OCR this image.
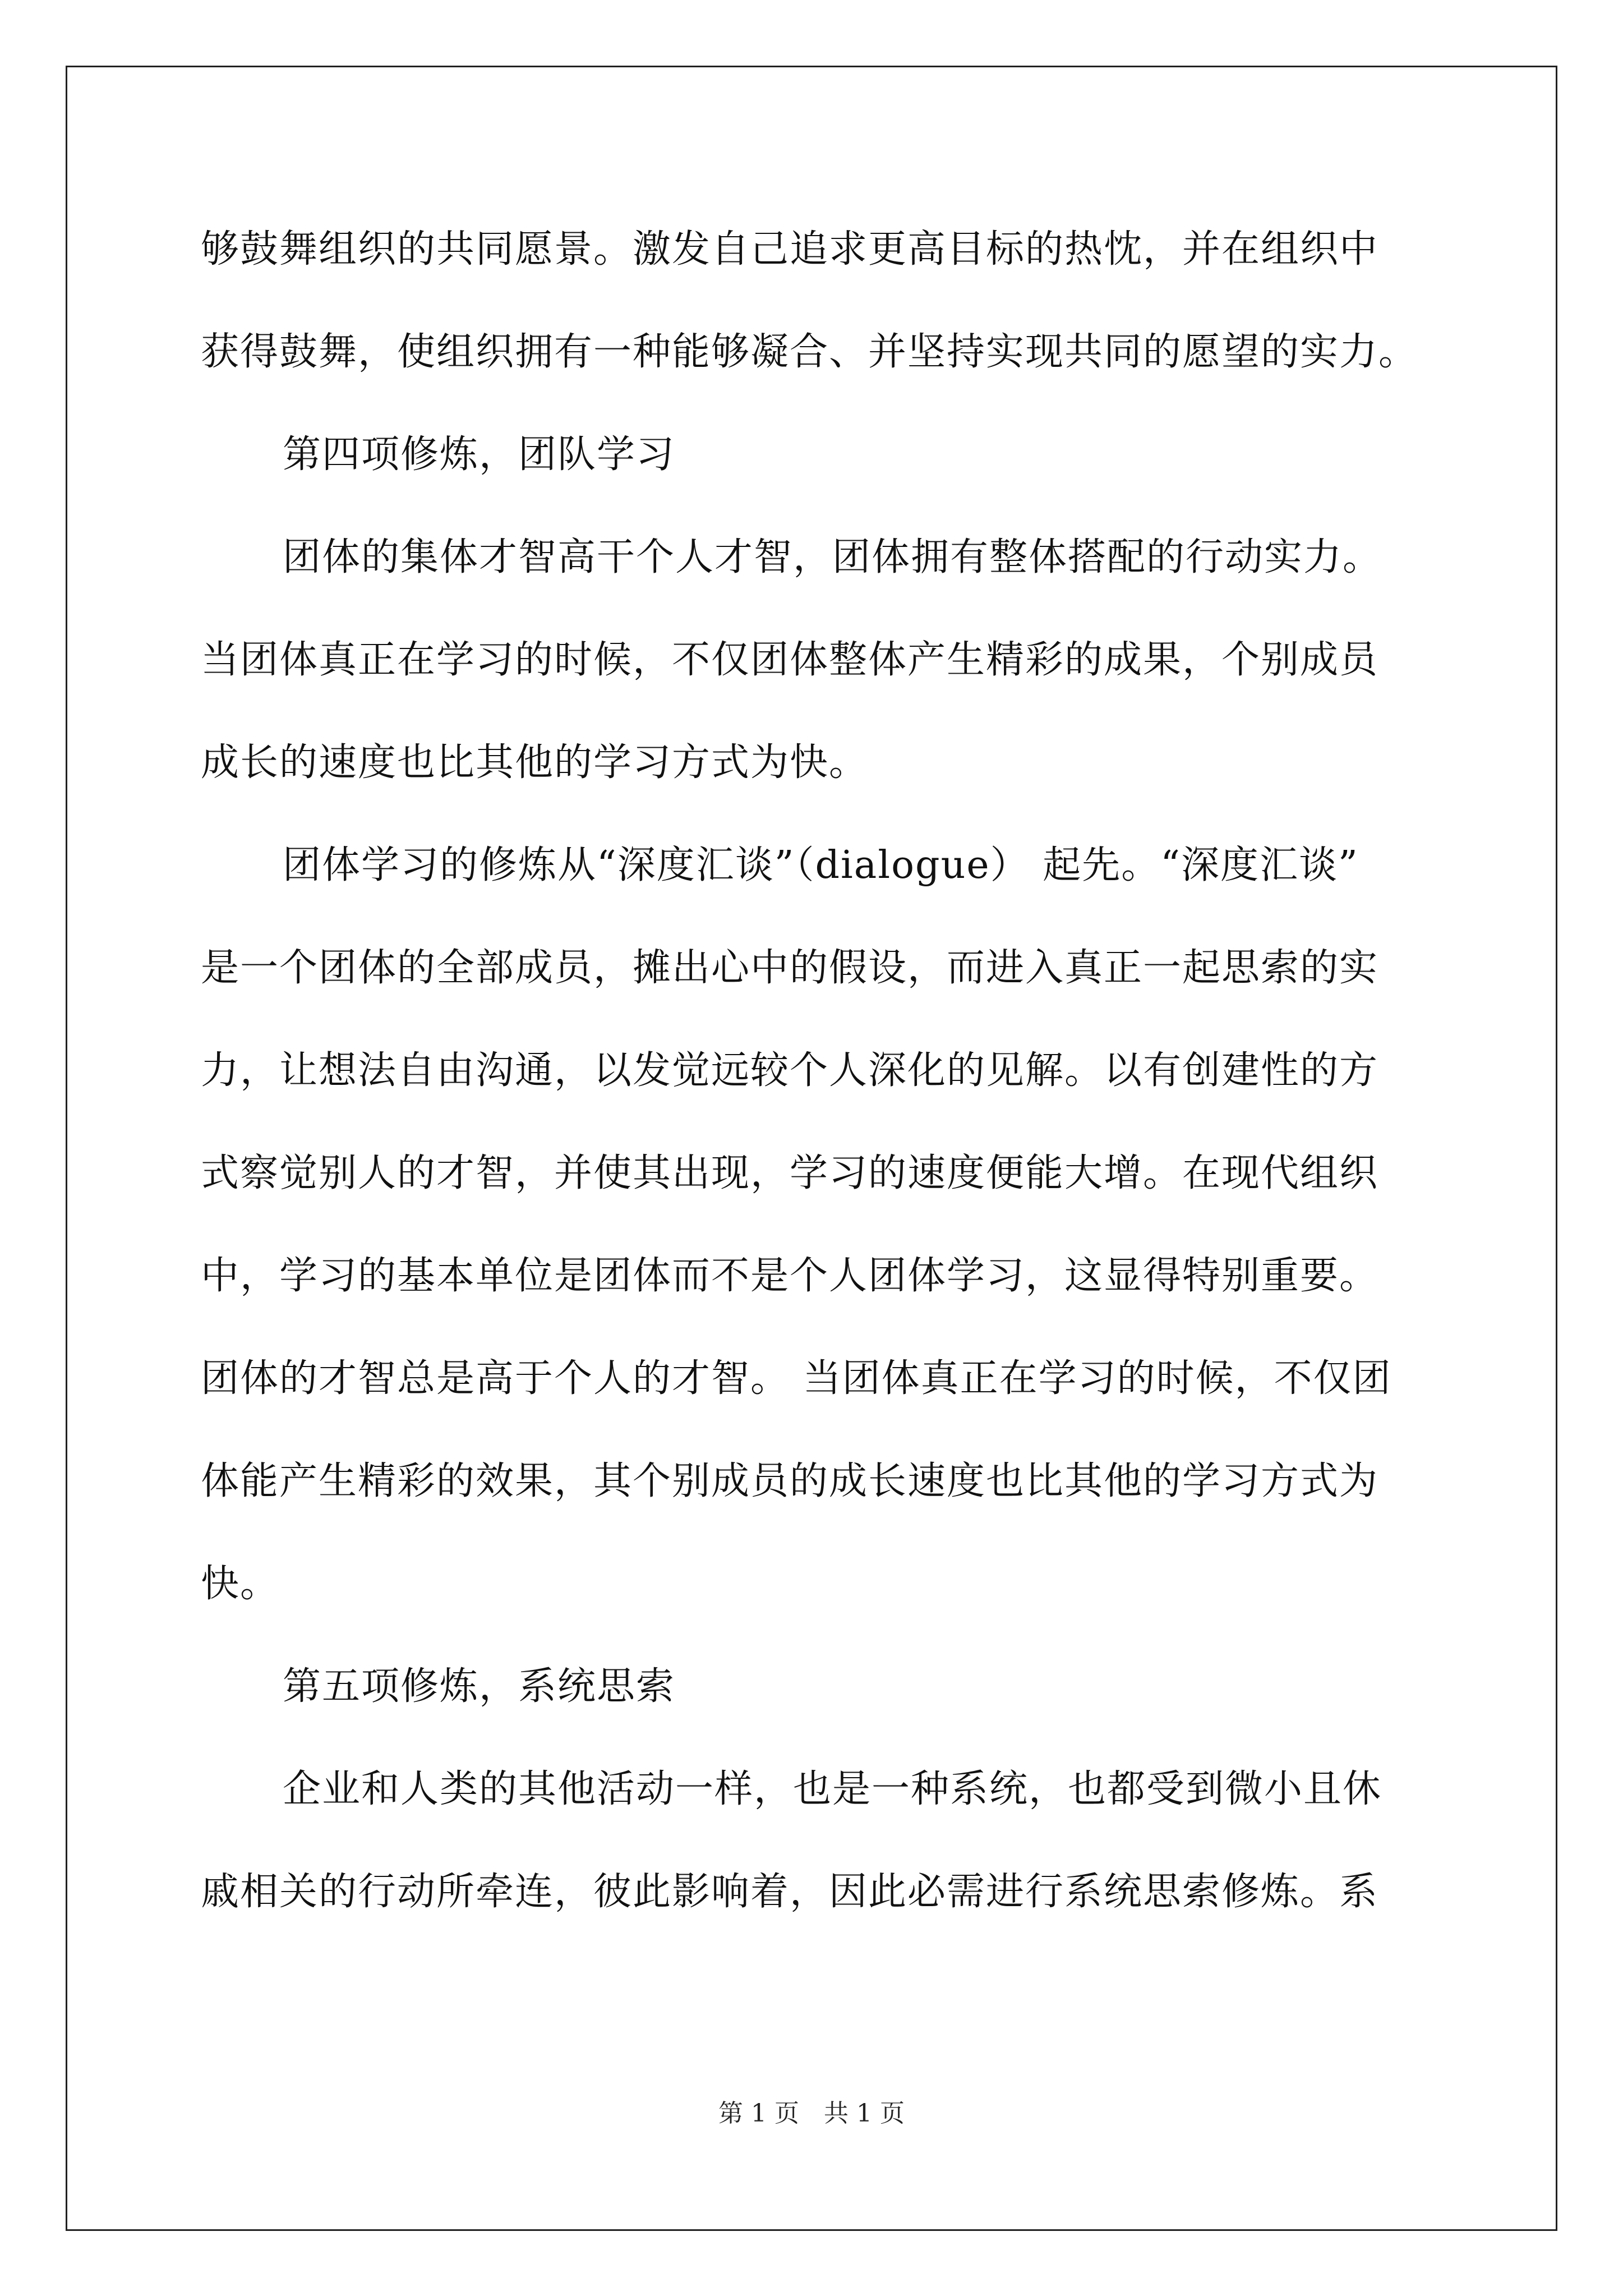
够鼓舞组织的共同愿景。激发自己追求更高目标的热忱，并在组织中
获得鼓舞，使组织拥有一种能够凝合、并坚持实现共同的愿望的实力。
第四项修炼，团队学习
团体的集体才智高干个人才智，团体拥有整体搭配的行动实力。
当团体真正在学习的时候，不仅团体整体产生精彩的成果，个别成员
成长的速度也比其他的学习方式为快。
团体学习的修炼从“深度汇谈”（dialogue） 起先。“深度汇谈”
是一个团体的全部成员，摊出心中的假设，而进入真正一起思索的实
力，让想法自由沟通，以发觉远较个人深化的见解。以有创建性的方
式察觉别人的才智，并使其出现，学习的速度便能大增。在现代组织
中，学习的基本单位是团体而不是个人团体学习，这显得特别重要。
团体的才智总是高于个人的才智。 当团体真正在学习的时候，不仅团
体能产生精彩的效果，其个别成员的成长速度也比其他的学习方式为
快。
第五项修炼，系统思索
企业和人类的其他活动一样，也是一种系统，也都受到微小且休
戚相关的行动所牵连，彼此影响着，因此必需进行系统思索修炼。系
第 1 页　共 1 页
